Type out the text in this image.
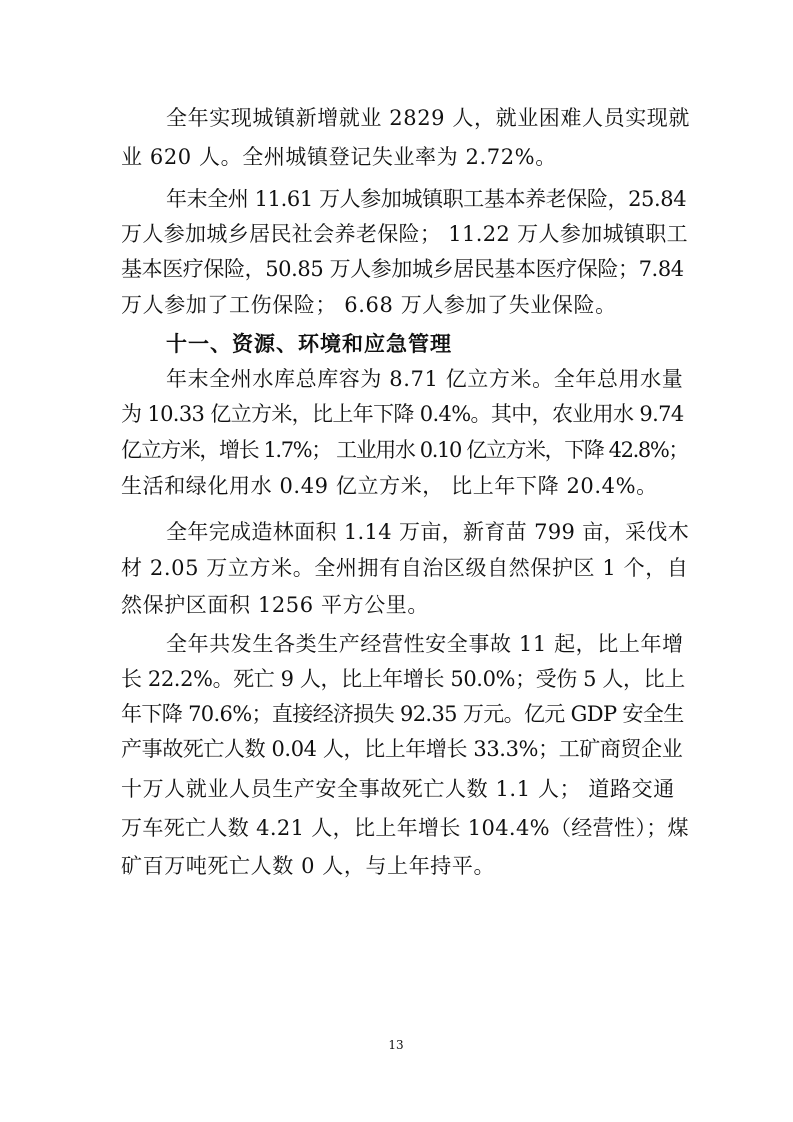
全年实现城镇新增就业 2829 人，就业困难人员实现就
业 620 人。全州城镇登记失业率为 2.72%。
年末全州 11.61 万人参加城镇职工基本养老保险，25.84
万人参加城乡居民社会养老保险； 11.22 万人参加城镇职工
基本医疗保险，50.85 万人参加城乡居民基本医疗保险；7.84
万人参加了工伤保险； 6.68 万人参加了失业保险。
十一、资源、环境和应急管理
年末全州水库总库容为 8.71 亿立方米。全年总用水量
为 10.33 亿立方米，比上年下降 0.4%。其中，农业用水 9.74
亿立方米，增长 1.7%； 工业用水 0.10 亿立方米，下降 42.8%；
生活和绿化用水 0.49 亿立方米， 比上年下降 20.4%。
全年完成造林面积 1.14 万亩，新育苗 799 亩，采伐木
材 2.05 万立方米。全州拥有自治区级自然保护区 1 个，自
然保护区面积 1256 平方公里。
全年共发生各类生产经营性安全事故 11 起，比上年增
长 22.2%。死亡 9 人，比上年增长 50.0%；受伤 5 人，比上
年下降 70.6%；直接经济损失 92.35 万元。亿元 GDP 安全生
产事故死亡人数 0.04 人，比上年增长 33.3%；工矿商贸企业
十万人就业人员生产安全事故死亡人数 1.1 人； 道路交通
万车死亡人数 4.21 人，比上年增长 104.4%（经营性）；煤
矿百万吨死亡人数 0 人，与上年持平。
13
